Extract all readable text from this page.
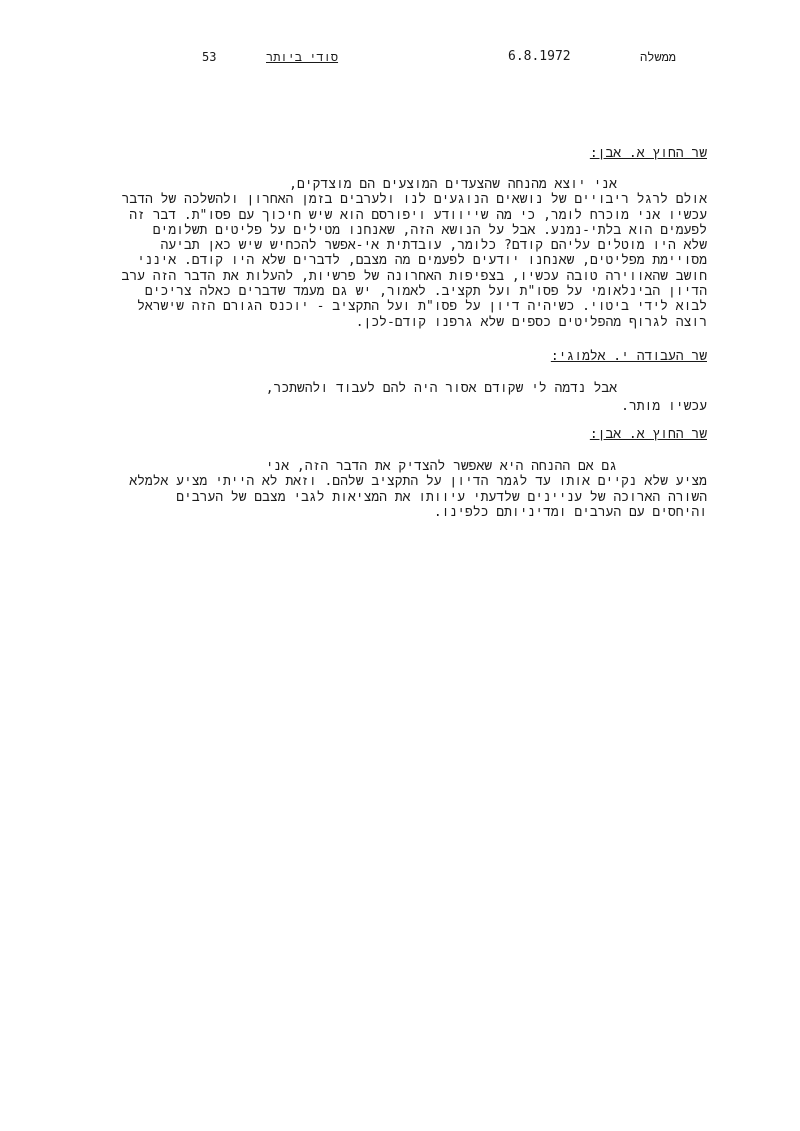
53	סודי ביותר	6.8.1972	ממשלה
שר החוץ א. אבן:
אני יוצא מהנחה שהצעדים המוצעים הם מוצדקים,
אולם לרגל ריבויים של נושאים הנוגעים לנו ולערבים בזמן האחרון ולהשלכה של הדבר
עכשיו אני מוכרח לומר, כי מה שייוודע ויפורסם הוא שיש חיכוך עם פסו"ת. דבר זה
לפעמים הוא בלתי-נמנע. אבל על הנושא הזה, שאנחנו מטילים על פליטים תשלומים
שלא היו מוטלים עליהם קודם? כלומר, עובדתית אי-אפשר להכחיש שיש כאן תביעה
מסויימת מפליטים, שאנחנו יודעים לפעמים מה מצבם, לדברים שלא היו קודם. אינני
חושב שהאווירה טובה עכשיו, בצפיפות האחרונה של פרשיות, להעלות את הדבר הזה ערב
הדיון הבינלאומי על פסו"ת ועל תקציב. לאמור, יש גם מעמד שדברים כאלה צריכים
לבוא לידי ביטוי. כשיהיה דיון על פסו"ת ועל התקציב - יוכנס הגורם הזה שישראל
רוצה לגרוף מהפליטים כספים שלא גרפנו קודם-לכן.
שר העבודה י. אלמוגי:
אבל נדמה לי שקודם אסור היה להם לעבוד ולהשתכר,
עכשיו מותר.
שר החוץ א. אבן:
גם אם ההנחה היא שאפשר להצדיק את הדבר הזה, אני
מציע שלא נקיים אותו עד לגמר הדיון על התקציב שלהם. וזאת לא הייתי מציע אלמלא
השורה הארוכה של עניינים שלדעתי עיוותו את המציאות לגבי מצבם של הערבים
והיחסים עם הערבים ומדיניותם כלפינו.
